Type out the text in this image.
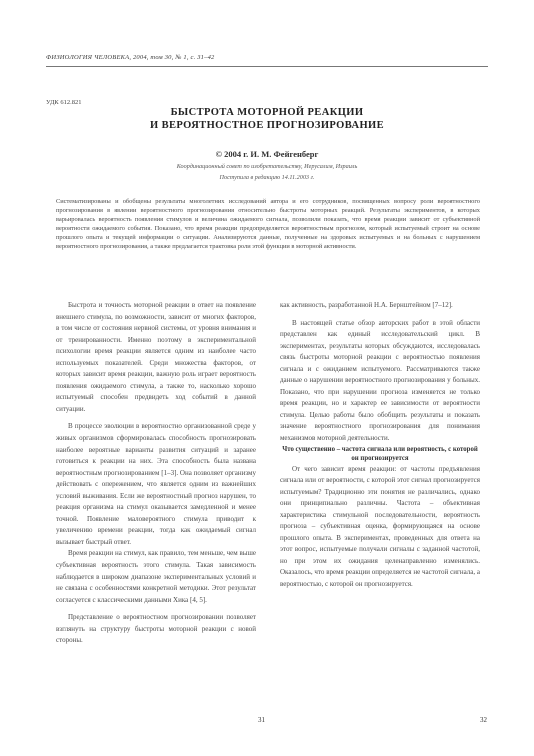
ФИЗИОЛОГИЯ ЧЕЛОВЕКА, 2004, том 30, № 1, с. 31–42
УДК 612.821
БЫСТРОТА МОТОРНОЙ РЕАКЦИИ
И ВЕРОЯТНОСТНОЕ ПРОГНОЗИРОВАНИЕ
© 2004 г. И. М. Фейгенберг
Координационный совет по изобретательству, Иерусалим, Израиль
Поступила в редакцию 14.11.2003 г.
Систематизированы и обобщены результаты многолетних исследований автора и его сотрудников, посвященных вопросу роли вероятностного прогнозирования в явлении вероятностного прогнозирования относительно быстроты моторных реакций. Результаты экспериментов, в которых варьировалась вероятность появления стимулов и величина ожидаемого сигнала, позволили показать, что время реакции зависит от субъективной вероятности ожидаемого события. Показано, что время реакции предопределяется вероятностным прогнозом, который испытуемый строит на основе прошлого опыта и текущей информации о ситуации. Анализируются данные, полученные на здоровых испытуемых и на больных с нарушением вероятностного прогнозирования, а также предлагается трактовка роли этой функции в моторной активности.

Быстрота и точность моторной реакции в ответ на появление внешнего стимула, по возможности, зависит от многих факторов, в том числе от состояния нервной системы, от уровня внимания и от тренированности. Именно поэтому в экспериментальной психологии время реакции является одним из наиболее часто используемых показателей. Среди множества факторов, от которых зависит время реакции, важную роль играет вероятность появления ожидаемого стимула, а также то, насколько хорошо испытуемый способен предвидеть ход событий в данной ситуации.

В процессе эволюции в вероятностно организованной среде у живых организмов сформировалась способность прогнозировать наиболее вероятные варианты развития ситуаций и заранее готовиться к реакции на них. Эта способность была названа вероятностным прогнозированием [1–3]. Она позволяет организму действовать с опережением, что является одним из важнейших условий выживания. Если же вероятностный прогноз нарушен, то реакция организма на стимул оказывается замедленной и менее точной. Появление маловероятного стимула приводит к увеличению времени реакции, тогда как ожидаемый сигнал вызывает быстрый ответ.

Время реакции на стимул, как правило, тем меньше, чем выше субъективная вероятность этого стимула. Такая зависимость наблюдается в широком диапазоне экспериментальных условий и не связана с особенностями конкретной методики. Этот результат согласуется с классическими данными Хика [4, 5].

Представление о вероятностном прогнозировании позволяет взглянуть на структуру быстроты моторной реакции с новой стороны.

как активность, разработанной Н.А. Бернштейном [7–12].

В настоящей статье обзор авторских работ в этой области представлен как единый исследовательский цикл. В экспериментах, результаты которых обсуждаются, исследовалась связь быстроты моторной реакции с вероятностью появления сигнала и с ожиданием испытуемого. Рассматриваются также данные о нарушении вероятностного прогнозирования у больных. Показано, что при нарушении прогноза изменяется не только время реакции, но и характер ее зависимости от вероятности стимула. Целью работы было обобщить результаты и показать значение вероятностного прогнозирования для понимания механизмов моторной деятельности.

Что существенно – частота сигнала или вероятность, с которой он прогнозируется

От чего зависит время реакции: от частоты предъявления сигнала или от вероятности, с которой этот сигнал прогнозируется испытуемым? Традиционно эти понятия не различались, однако они принципиально различны. Частота – объективная характеристика стимульной последовательности, вероятность прогноза – субъективная оценка, формирующаяся на основе прошлого опыта. В экспериментах, проведенных для ответа на этот вопрос, испытуемые получали сигналы с заданной частотой, но при этом их ожидания целенаправленно изменялись. Оказалось, что время реакции определяется не частотой сигнала, а вероятностью, с которой он прогнозируется.

31	32
